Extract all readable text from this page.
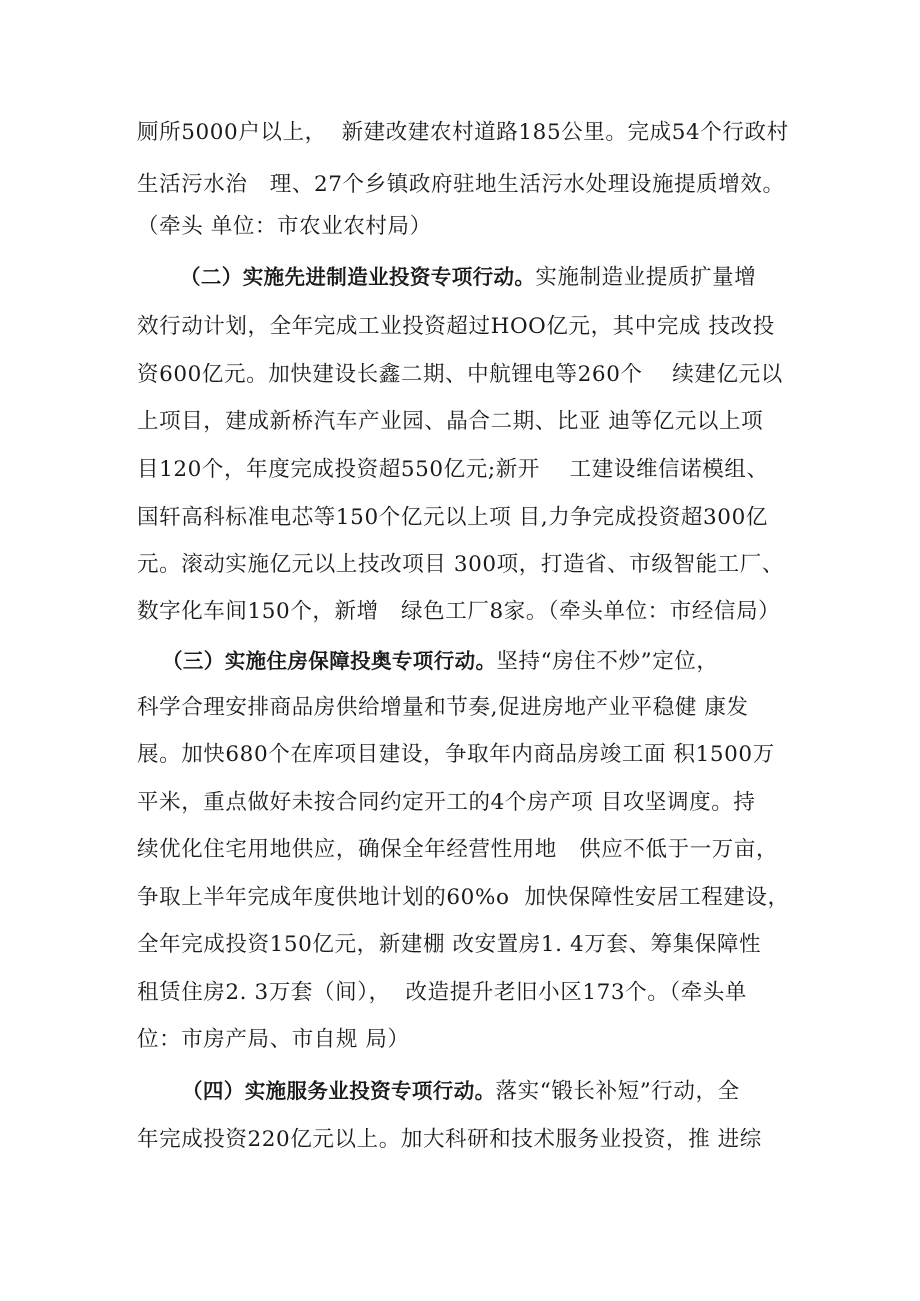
厕所5000户以上，  新建改建农村道路185公里。完成54个行政村
生活污水治   理、27个乡镇政府驻地生活污水处理设施提质增效。
（牵头 单位：市农业农村局）
（二）实施先进制造业投资专项行动。实施制造业提质扩量增
效行动计划，全年完成工业投资超过HOO亿元，其中完成 技改投
资600亿元。加快建设长鑫二期、中航锂电等260个    续建亿元以
上项目，建成新桥汽车产业园、晶合二期、比亚 迪等亿元以上项
目120个，年度完成投资超550亿元;新开    工建设维信诺模组、
国轩高科标准电芯等150个亿元以上项 目,力争完成投资超300亿
元。滚动实施亿元以上技改项目 300项，打造省、市级智能工厂、
数字化车间150个，新增   绿色工厂8家。（牵头单位：市经信局）
（三）实施住房保障投奥专项行动。坚持“房住不炒”定位，
科学合理安排商品房供给增量和节奏,促进房地产业平稳健 康发
展。加快680个在库项目建设，争取年内商品房竣工面 积1500万
平米，重点做好未按合同约定开工的4个房产项 目攻坚调度。持
续优化住宅用地供应，确保全年经营性用地   供应不低于一万亩，
争取上半年完成年度供地计划的60%o  加快保障性安居工程建设，
全年完成投资150亿元，新建棚 改安置房1. 4万套、筹集保障性
租赁住房2. 3万套（间），  改造提升老旧小区173个。（牵头单
位：市房产局、市自规 局）
（四）实施服务业投资专项行动。落实“锻长补短”行动，全
年完成投资220亿元以上。加大科研和技术服务业投资，推 进综
